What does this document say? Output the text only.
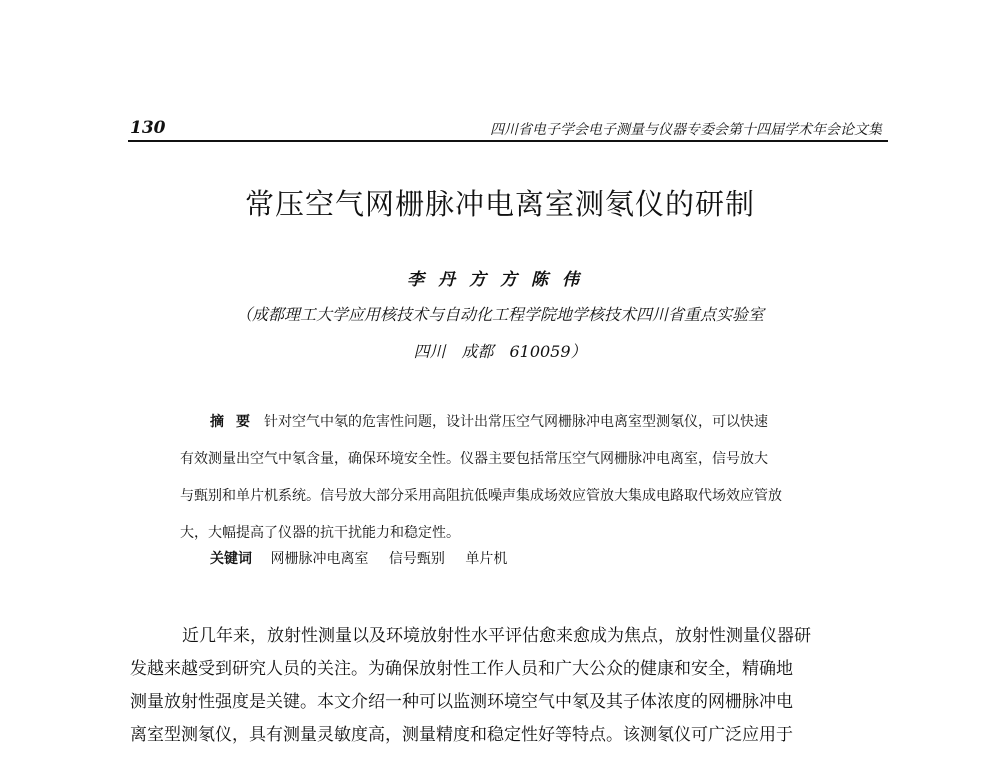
130	四川省电子学会电子测量与仪器专委会第十四届学术年会论文集
常压空气网栅脉冲电离室测氡仪的研制
李丹方方陈伟
（成都理工大学应用核技术与自动化工程学院地学核技术四川省重点实验室
四川　成都　610059）
摘要 针对空气中氡的危害性问题，设计出常压空气网栅脉冲电离室型测氡仪，可以快速
有效测量出空气中氡含量，确保环境安全性。仪器主要包括常压空气网栅脉冲电离室，信号放大
与甄别和单片机系统。信号放大部分采用高阻抗低噪声集成场效应管放大集成电路取代场效应管放
大，大幅提高了仪器的抗干扰能力和稳定性。
关键词 网栅脉冲电离室 信号甄别 单片机
近几年来，放射性测量以及环境放射性水平评估愈来愈成为焦点，放射性测量仪器研
发越来越受到研究人员的关注。为确保放射性工作人员和广大公众的健康和安全，精确地
测量放射性强度是关键。本文介绍一种可以监测环境空气中氡及其子体浓度的网栅脉冲电
离室型测氡仪，具有测量灵敏度高，测量精度和稳定性好等特点。该测氡仪可广泛应用于
